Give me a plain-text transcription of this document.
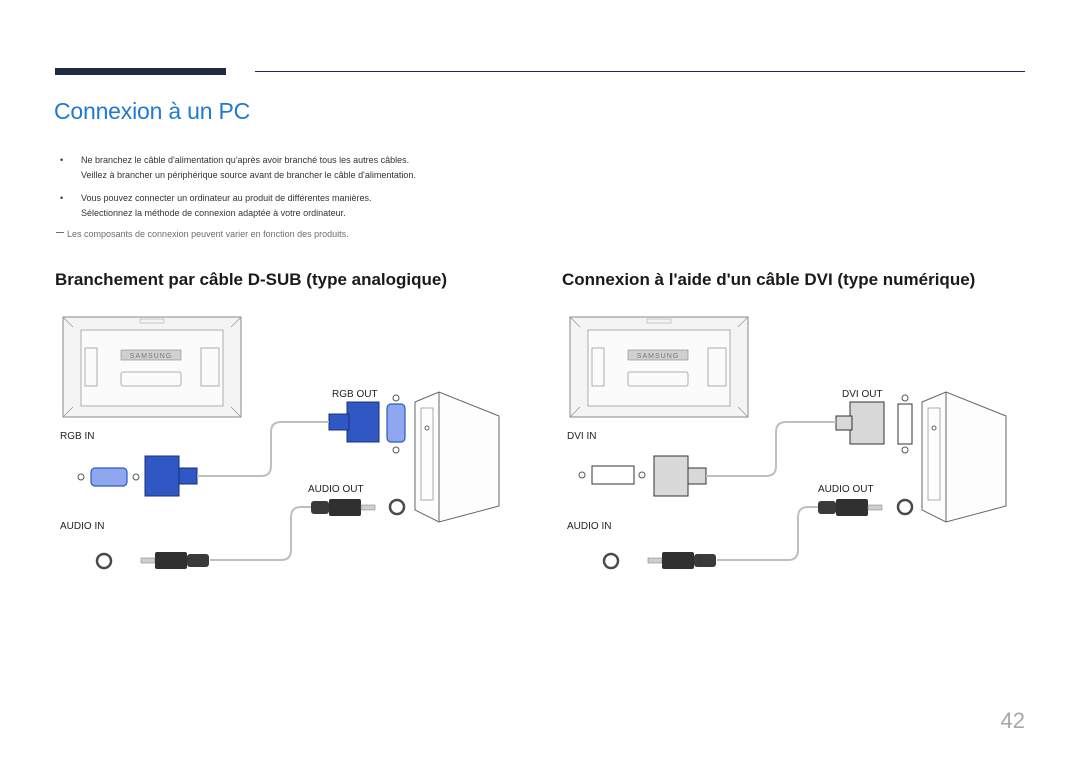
Connexion à un PC
• Ne branchez le câble d'alimentation qu'après avoir branché tous les autres câbles.
Veillez à brancher un périphérique source avant de brancher le câble d'alimentation.
• Vous pouvez connecter un ordinateur au produit de différentes manières.
Sélectionnez la méthode de connexion adaptée à votre ordinateur.
Les composants de connexion peuvent varier en fonction des produits.
Branchement par câble D-SUB (type analogique)	Connexion à l'aide d'un câble DVI (type numérique)
SAMSUNG
RGB OUT
RGB IN
AUDIO OUT
AUDIO IN
SAMSUNG
DVI OUT
DVI IN
AUDIO OUT
AUDIO IN
42
